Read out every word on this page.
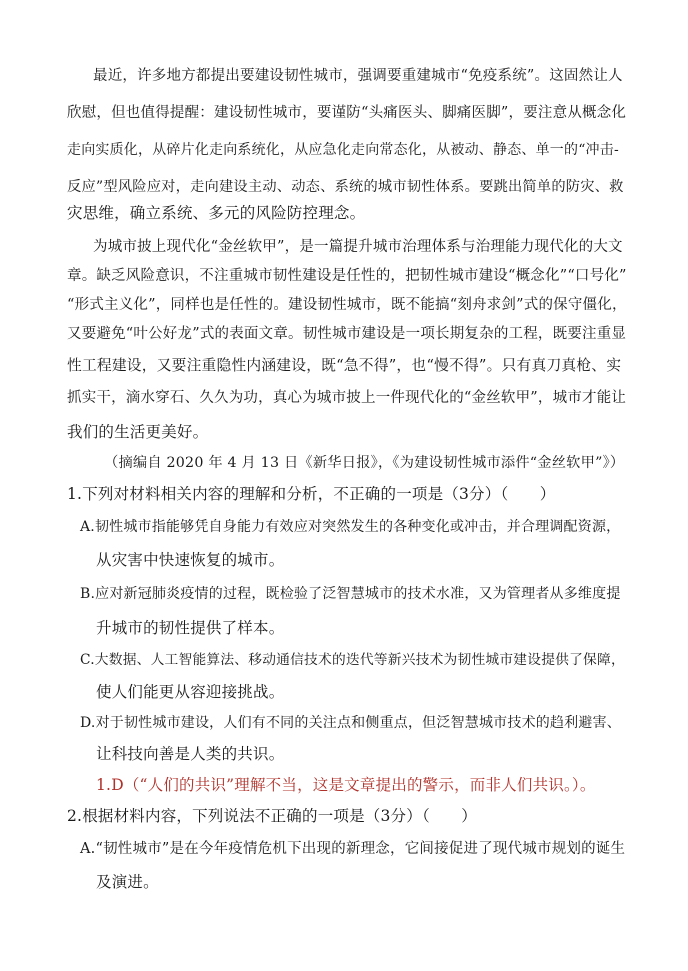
最近，许多地方都提出要建设韧性城市，强调要重建城市“免疫系统”。这固然让人
欣慰，但也值得提醒：建设韧性城市，要谨防“头痛医头、脚痛医脚”，要注意从概念化
走向实质化，从碎片化走向系统化，从应急化走向常态化，从被动、静态、单一的“冲击-
反应”型风险应对，走向建设主动、动态、系统的城市韧性体系。要跳出简单的防灾、救
灾思维，确立系统、多元的风险防控理念。
为城市披上现代化“金丝软甲”，是一篇提升城市治理体系与治理能力现代化的大文
章。缺乏风险意识，不注重城市韧性建设是任性的，把韧性城市建设“概念化”“口号化”
“形式主义化”，同样也是任性的。建设韧性城市，既不能搞“刻舟求剑”式的保守僵化，
又要避免“叶公好龙”式的表面文章。韧性城市建设是一项长期复杂的工程，既要注重显
性工程建设，又要注重隐性内涵建设，既“急不得”，也“慢不得”。只有真刀真枪、实
抓实干，滴水穿石、久久为功，真心为城市披上一件现代化的“金丝软甲”，城市才能让
我们的生活更美好。
（摘编自 2020 年 4 月 13 日《新华日报》，《为建设韧性城市添件“金丝软甲”》）
1.下列对材料相关内容的理解和分析，不正确的一项是（3分）（　　）
A.韧性城市指能够凭自身能力有效应对突然发生的各种变化或冲击，并合理调配资源，
从灾害中快速恢复的城市。
B.应对新冠肺炎疫情的过程，既检验了泛智慧城市的技术水准，又为管理者从多维度提
升城市的韧性提供了样本。
C.大数据、人工智能算法、移动通信技术的迭代等新兴技术为韧性城市建设提供了保障，
使人们能更从容迎接挑战。
D.对于韧性城市建设，人们有不同的关注点和侧重点，但泛智慧城市技术的趋利避害、
让科技向善是人类的共识。
1.D（“人们的共识”理解不当，这是文章提出的警示，而非人们共识。）。
2.根据材料内容，下列说法不正确的一项是（3分）（　　）
A.“韧性城市”是在今年疫情危机下出现的新理念，它间接促进了现代城市规划的诞生
及演进。
